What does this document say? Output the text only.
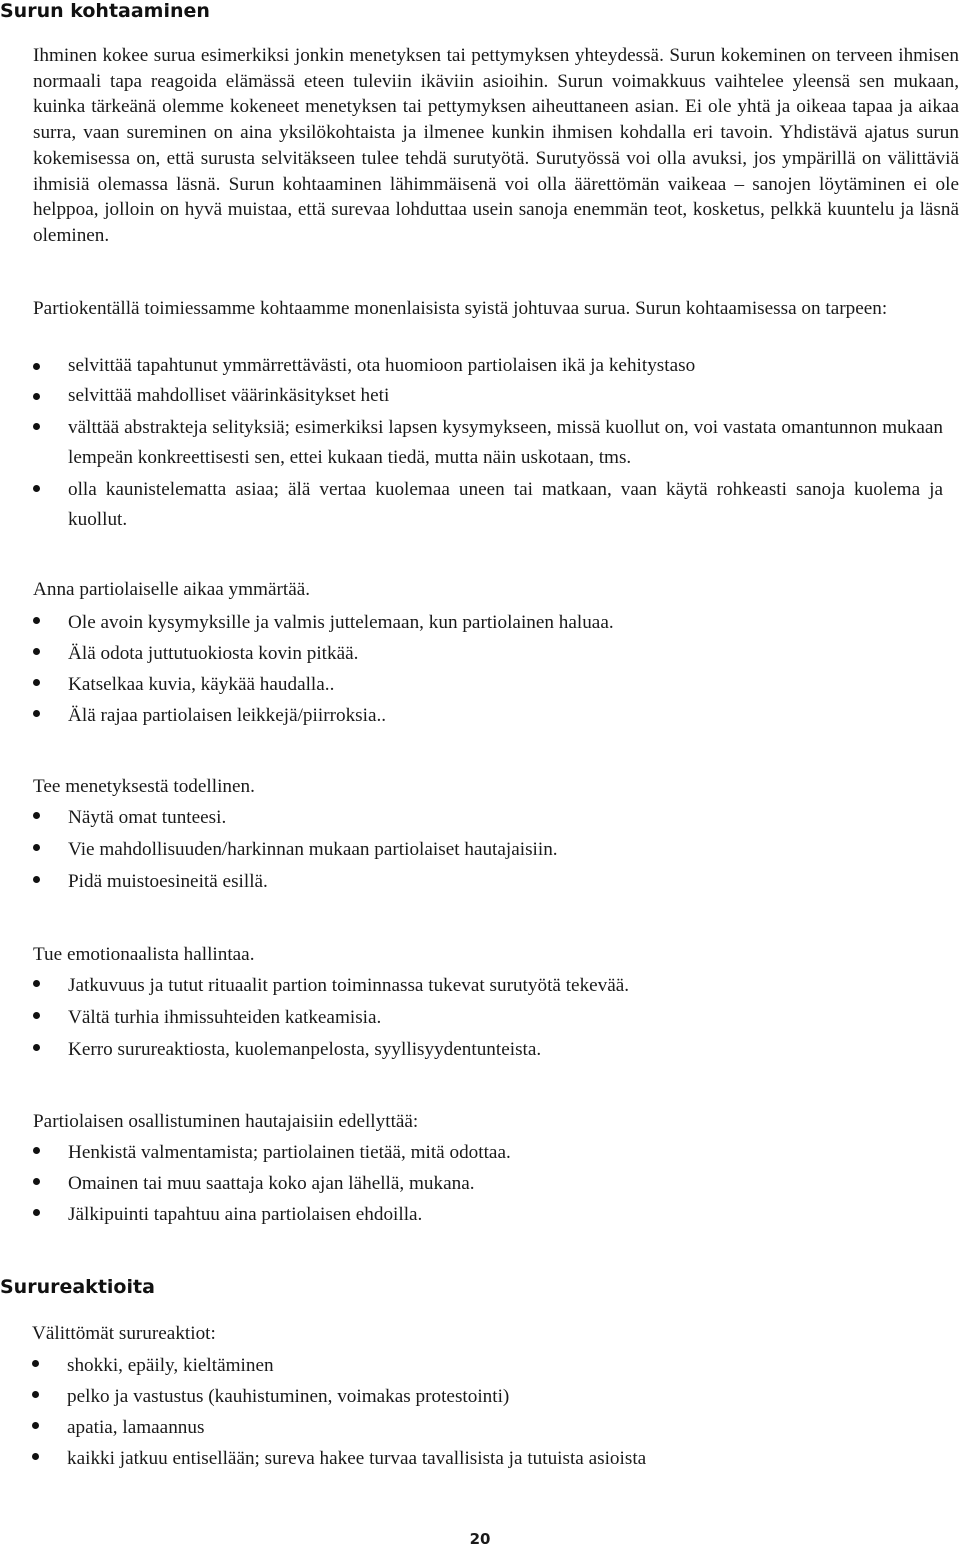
Surun kohtaaminen

Ihminen kokee surua esimerkiksi jonkin menetyksen tai pettymyksen yhteydessä. Surun kokeminen on terveen ihmisen normaali tapa reagoida elämässä eteen tuleviin ikäviin asioihin. Surun voimakkuus vaihtelee yleensä sen mukaan, kuinka tärkeänä olemme kokeneet menetyksen tai pettymyksen aiheuttaneen asian. Ei ole yhtä ja oikeaa tapaa ja aikaa surra, vaan sureminen on aina yksilökohtaista ja ilmenee kunkin ihmisen kohdalla eri tavoin. Yhdistävä ajatus surun kokemisessa on, että surusta selvitäkseen tulee tehdä surutyötä. Surutyössä voi olla avuksi, jos ympärillä on välittäviä ihmisiä olemassa läsnä. Surun kohtaaminen lähimmäisenä voi olla äärettömän vaikeaa – sanojen löytäminen ei ole helppoa, jolloin on hyvä muistaa, että surevaa lohduttaa usein sanoja enemmän teot, kosketus, pelkkä kuuntelu ja läsnä oleminen.

Partiokentällä toimiessamme kohtaamme monenlaisista syistä johtuvaa surua. Surun kohtaamisessa on tarpeen:

selvittää tapahtunut ymmärrettävästi, ota huomioon partiolaisen ikä ja kehitystaso
selvittää mahdolliset väärinkäsitykset heti
välttää abstrakteja selityksiä; esimerkiksi lapsen kysymykseen, missä kuollut on, voi vastata omantunnon mukaan lempeän konkreettisesti sen, ettei kukaan tiedä, mutta näin uskotaan, tms.
olla kaunistelematta asiaa; älä vertaa kuolemaa uneen tai matkaan, vaan käytä rohkeasti sanoja kuolema ja kuollut.

Anna partiolaiselle aikaa ymmärtää.

Ole avoin kysymyksille ja valmis juttelemaan, kun partiolainen haluaa.
Älä odota juttutuokiosta kovin pitkää.
Katselkaa kuvia, käykää haudalla..
Älä rajaa partiolaisen leikkejä/piirroksia..

Tee menetyksestä todellinen.

Näytä omat tunteesi.
Vie mahdollisuuden/harkinnan mukaan partiolaiset hautajaisiin.
Pidä muistoesineitä esillä.

Tue emotionaalista hallintaa.

Jatkuvuus ja tutut rituaalit partion toiminnassa tukevat surutyötä tekevää.
Vältä turhia ihmissuhteiden katkeamisia.
Kerro surureaktiosta, kuolemanpelosta, syyllisyydentunteista.

Partiolaisen osallistuminen hautajaisiin edellyttää:

Henkistä valmentamista; partiolainen tietää, mitä odottaa.
Omainen tai muu saattaja koko ajan lähellä, mukana.
Jälkipuinti tapahtuu aina partiolaisen ehdoilla.
Surureaktioita

Välittömät surureaktiot:

shokki, epäily, kieltäminen
pelko ja vastustus (kauhistuminen, voimakas protestointi)
apatia, lamaannus
kaikki jatkuu entisellään; sureva hakee turvaa tavallisista ja tutuista asioista

20
